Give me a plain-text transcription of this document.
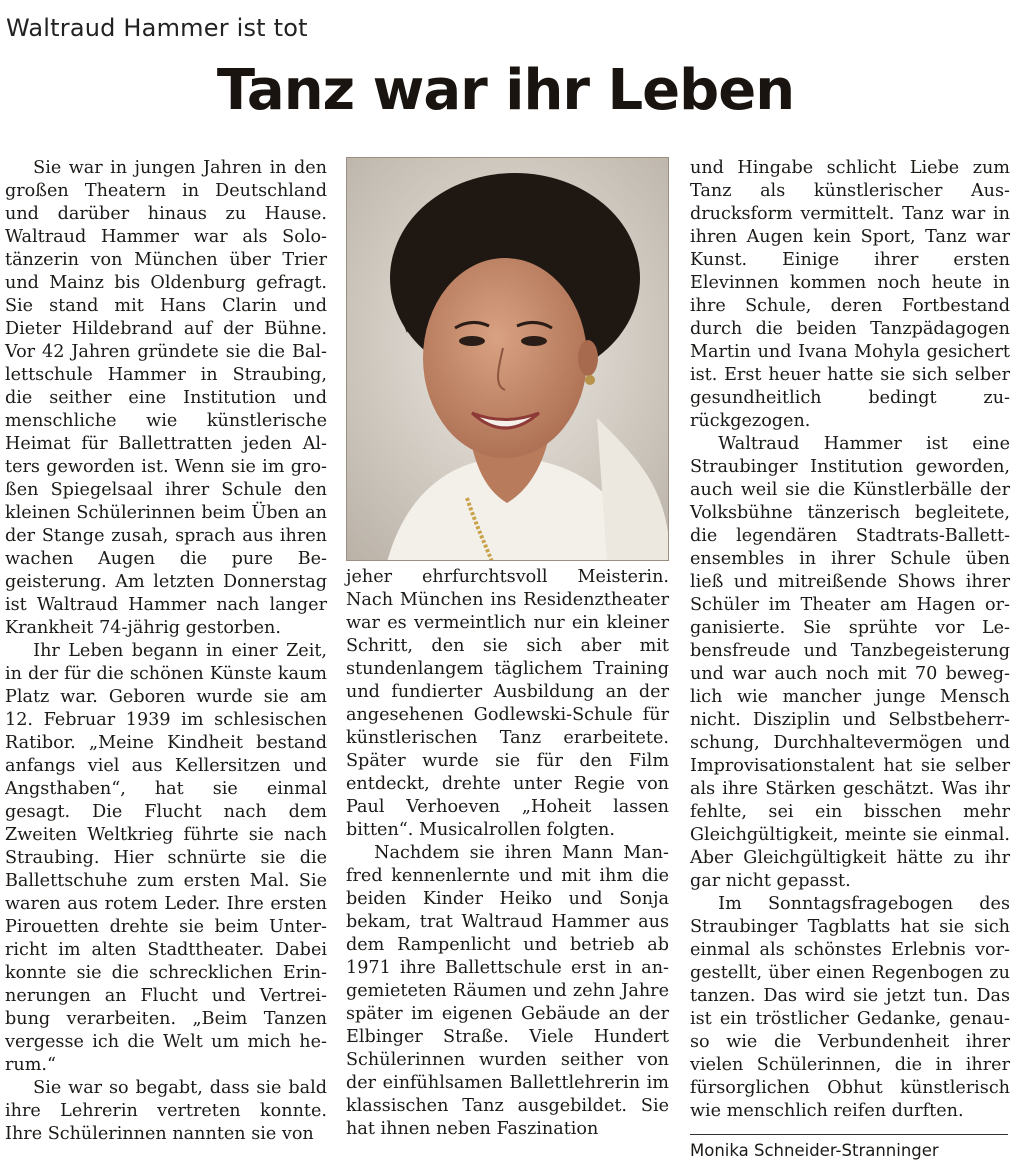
Waltraud Hammer ist tot
Tanz war ihr Leben

Sie war in jungen Jahren in den großen Theatern in Deutschland und darüber hinaus zu Hause. Waltraud Hammer war als Solotänzerin von München über Trier und Mainz bis Oldenburg gefragt. Sie stand mit Hans Clarin und Dieter Hildebrand auf der Bühne. Vor 42 Jahren gründete sie die Ballettschule Hammer in Straubing, die seither eine Institution und menschliche wie künstlerische Heimat für Ballettratten jeden Alters geworden ist. Wenn sie im großen Spiegelsaal ihrer Schule den kleinen Schülerinnen beim Üben an der Stange zusah, sprach aus ihren wachen Augen die pure Begeisterung. Am letzten Donnerstag ist Waltraud Hammer nach langer Krankheit 74-jährig gestorben.

Ihr Leben begann in einer Zeit, in der für die schönen Künste kaum Platz war. Geboren wurde sie am 12. Februar 1939 im schlesischen Ratibor. „Meine Kindheit bestand anfangs viel aus Kellersitzen und Angsthaben“, hat sie einmal gesagt. Die Flucht nach dem Zweiten Weltkrieg führte sie nach Straubing. Hier schnürte sie die Ballettschuhe zum ersten Mal. Sie waren aus rotem Leder. Ihre ersten Pirouetten drehte sie beim Unterricht im alten Stadttheater. Dabei konnte sie die schrecklichen Erinnerungen an Flucht und Vertreibung verarbeiten. „Beim Tanzen vergesse ich die Welt um mich herum.“

Sie war so begabt, dass sie bald ihre Lehrerin vertreten konnte. Ihre Schülerinnen nannten sie von

jeher ehrfurchtsvoll Meisterin. Nach München ins Residenztheater war es vermeintlich nur ein kleiner Schritt, den sie sich aber mit stundenlangem täglichem Training und fundierter Ausbildung an der angesehenen Godlewski-Schule für künstlerischen Tanz erarbeitete. Später wurde sie für den Film entdeckt, drehte unter Regie von Paul Verhoeven „Hoheit lassen bitten“. Musicalrollen folgten.

Nachdem sie ihren Mann Manfred kennenlernte und mit ihm die beiden Kinder Heiko und Sonja bekam, trat Waltraud Hammer aus dem Rampenlicht und betrieb ab 1971 ihre Ballettschule erst in angemieteten Räumen und zehn Jahre später im eigenen Gebäude an der Elbinger Straße. Viele Hundert Schülerinnen wurden seither von der einfühlsamen Ballettlehrerin im klassischen Tanz ausgebildet. Sie hat ihnen neben Faszination

und Hingabe schlicht Liebe zum Tanz als künstlerischer Ausdrucksform vermittelt. Tanz war in ihren Augen kein Sport, Tanz war Kunst. Einige ihrer ersten Elevinnen kommen noch heute in ihre Schule, deren Fortbestand durch die beiden Tanzpädagogen Martin und Ivana Mohyla gesichert ist. Erst heuer hatte sie sich selber gesundheitlich bedingt zurückgezogen.

Waltraud Hammer ist eine Straubinger Institution geworden, auch weil sie die Künstlerbälle der Volksbühne tänzerisch begleitete, die legendären Stadtrats-Ballettensembles in ihrer Schule üben ließ und mitreißende Shows ihrer Schüler im Theater am Hagen organisierte. Sie sprühte vor Lebensfreude und Tanzbegeisterung und war auch noch mit 70 beweglich wie mancher junge Mensch nicht. Disziplin und Selbstbeherrschung, Durchhaltevermögen und Improvisationstalent hat sie selber als ihre Stärken geschätzt. Was ihr fehlte, sei ein bisschen mehr Gleichgültigkeit, meinte sie einmal. Aber Gleichgültigkeit hätte zu ihr gar nicht gepasst.

Im Sonntagsfragebogen des Straubinger Tagblatts hat sie sich einmal als schönstes Erlebnis vorgestellt, über einen Regenbogen zu tanzen. Das wird sie jetzt tun. Das ist ein tröstlicher Gedanke, genauso wie die Verbundenheit ihrer vielen Schülerinnen, die in ihrer fürsorglichen Obhut künstlerisch wie menschlich reifen durften.

Monika Schneider-Stranninger
